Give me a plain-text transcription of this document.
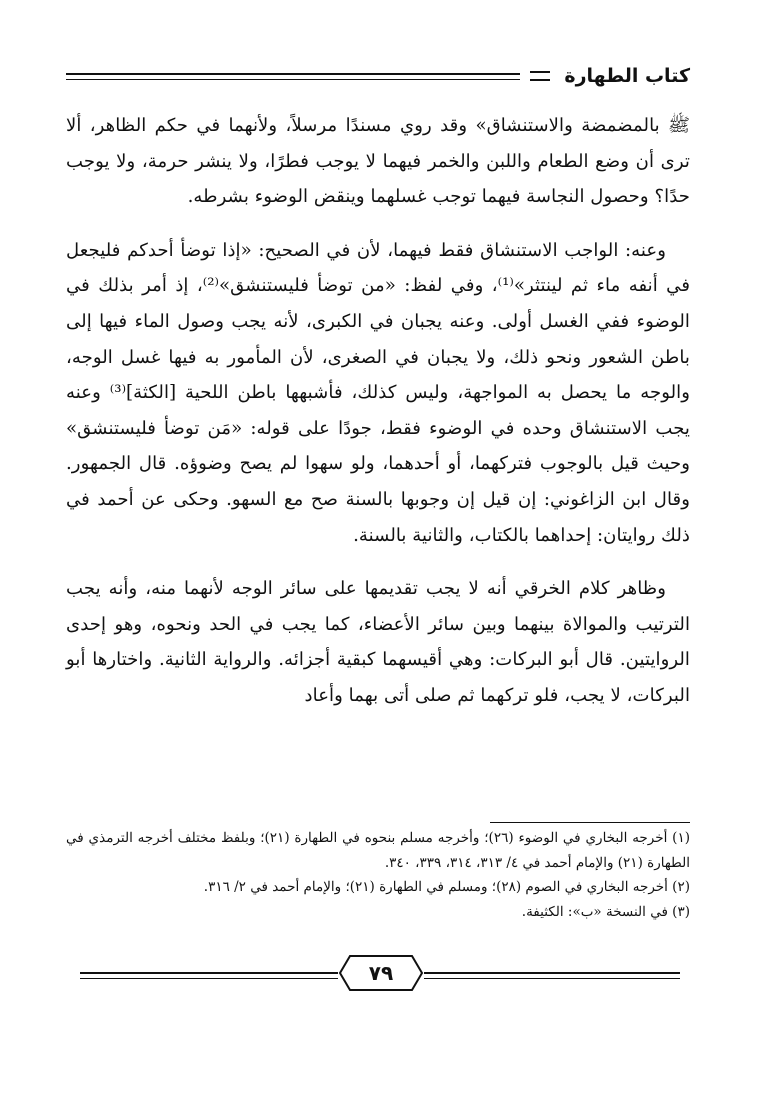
كتاب الطهارة

ﷺ بالمضمضة والاستنشاق» وقد روي مسندًا مرسلاً، ولأنهما في حكم الظاهر، ألا ترى أن وضع الطعام واللبن والخمر فيهما لا يوجب فطرًا، ولا ينشر حرمة، ولا يوجب حدًا؟ وحصول النجاسة فيهما توجب غسلهما وينقض الوضوء بشرطه.

وعنه: الواجب الاستنشاق فقط فيهما، لأن في الصحيح: «إذا توضأ أحدكم فليجعل في أنفه ماء ثم لينتثر»⁽¹⁾، وفي لفظ: «من توضأ فليستنشق»⁽²⁾، إذ أمر بذلك في الوضوء ففي الغسل أولى. وعنه يجبان في الكبرى، لأنه يجب وصول الماء فيها إلى باطن الشعور ونحو ذلك، ولا يجبان في الصغرى، لأن المأمور به فيها غسل الوجه، والوجه ما يحصل به المواجهة، وليس كذلك، فأشبهها باطن اللحية [الكثة]⁽³⁾ وعنه يجب الاستنشاق وحده في الوضوء فقط، جودًا على قوله: «مَن توضأ فليستنشق» وحيث قيل بالوجوب فتركهما، أو أحدهما، ولو سهوا لم يصح وضوؤه. قال الجمهور. وقال ابن الزاغوني: إن قيل إن وجوبها بالسنة صح مع السهو. وحكى عن أحمد في ذلك روايتان: إحداهما بالكتاب، والثانية بالسنة.

وظاهر كلام الخرقي أنه لا يجب تقديمها على سائر الوجه لأنهما منه، وأنه يجب الترتيب والموالاة بينهما وبين سائر الأعضاء، كما يجب في الحد ونحوه، وهو إحدى الروايتين. قال أبو البركات: وهي أقيسهما كبقية أجزائه. والرواية الثانية. واختارها أبو البركات، لا يجب، فلو تركهما ثم صلى أتى بهما وأعاد

(١) أخرجه البخاري في الوضوء (٢٦)؛ وأخرجه مسلم بنحوه في الطهارة (٢١)؛ وبلفظ مختلف أخرجه الترمذي في الطهارة (٢١) والإمام أحمد في ٤/ ٣١٣، ٣١٤، ٣٣٩، ٣٤٠.

(٢) أخرجه البخاري في الصوم (٢٨)؛ ومسلم في الطهارة (٢١)؛ والإمام أحمد في ٢/ ٣١٦.

(٣) في النسخة «ب»: الكثيفة.

٧٩
